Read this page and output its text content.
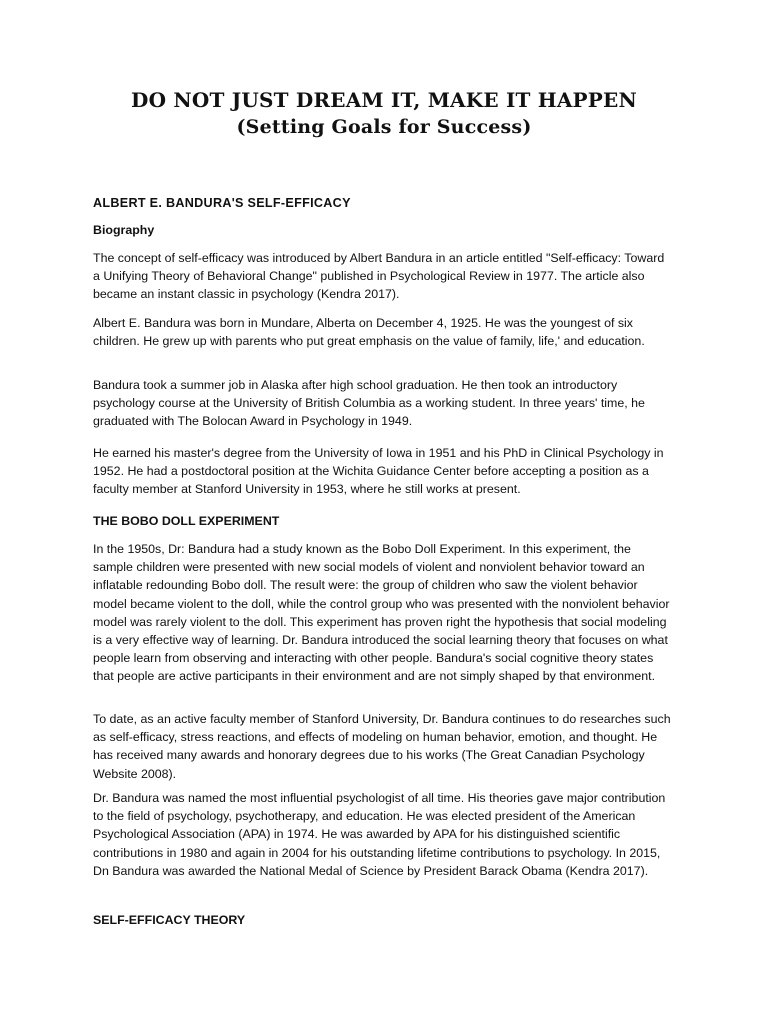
DO NOT JUST DREAM IT, MAKE IT HAPPEN
(Setting Goals for Success)
ALBERT E. BANDURA'S SELF-EFFICACY
Biography

The concept of self-efficacy was introduced by Albert Bandura in an article entitled "Self-efficacy: Toward a Unifying Theory of Behavioral Change" published in Psychological Review in 1977. The article also became an instant classic in psychology (Kendra 2017).

Albert E. Bandura was born in Mundare, Alberta on December 4, 1925. He was the youngest of six children. He grew up with parents who put great emphasis on the value of family, life,' and education.

Bandura took a summer job in Alaska after high school graduation. He then took an introductory psychology course at the University of British Columbia as a working student. In three years' time, he graduated with The Bolocan Award in Psychology in 1949.

He earned his master's degree from the University of Iowa in 1951 and his PhD in Clinical Psychology in 1952. He had a postdoctoral position at the Wichita Guidance Center before accepting a position as a faculty member at Stanford University in 1953, where he still works at present.

THE BOBO DOLL EXPERIMENT

In the 1950s, Dr: Bandura had a study known as the Bobo Doll Experiment. In this experiment, the sample children were presented with new social models of violent and nonviolent behavior toward an inflatable redounding Bobo doll. The result were: the group of children who saw the violent behavior model became violent to the doll, while the control group who was presented with the nonviolent behavior model was rarely violent to the doll. This experiment has proven right the hypothesis that social modeling is a very effective way of learning. Dr. Bandura introduced the social learning theory that focuses on what people learn from observing and interacting with other people. Bandura's social cognitive theory states that people are active participants in their environment and are not simply shaped by that environment.

To date, as an active faculty member of Stanford University, Dr. Bandura continues to do researches such as self-efficacy, stress reactions, and effects of modeling on human behavior, emotion, and thought. He has received many awards and honorary degrees due to his works (The Great Canadian Psychology Website 2008).

Dr. Bandura was named the most influential psychologist of all time. His theories gave major contribution to the field of psychology, psychotherapy, and education. He was elected president of the American Psychological Association (APA) in 1974. He was awarded by APA for his distinguished scientific contributions in 1980 and again in 2004 for his outstanding lifetime contributions to psychology. In 2015, Dn Bandura was awarded the National Medal of Science by President Barack Obama (Kendra 2017).

SELF-EFFICACY THEORY
